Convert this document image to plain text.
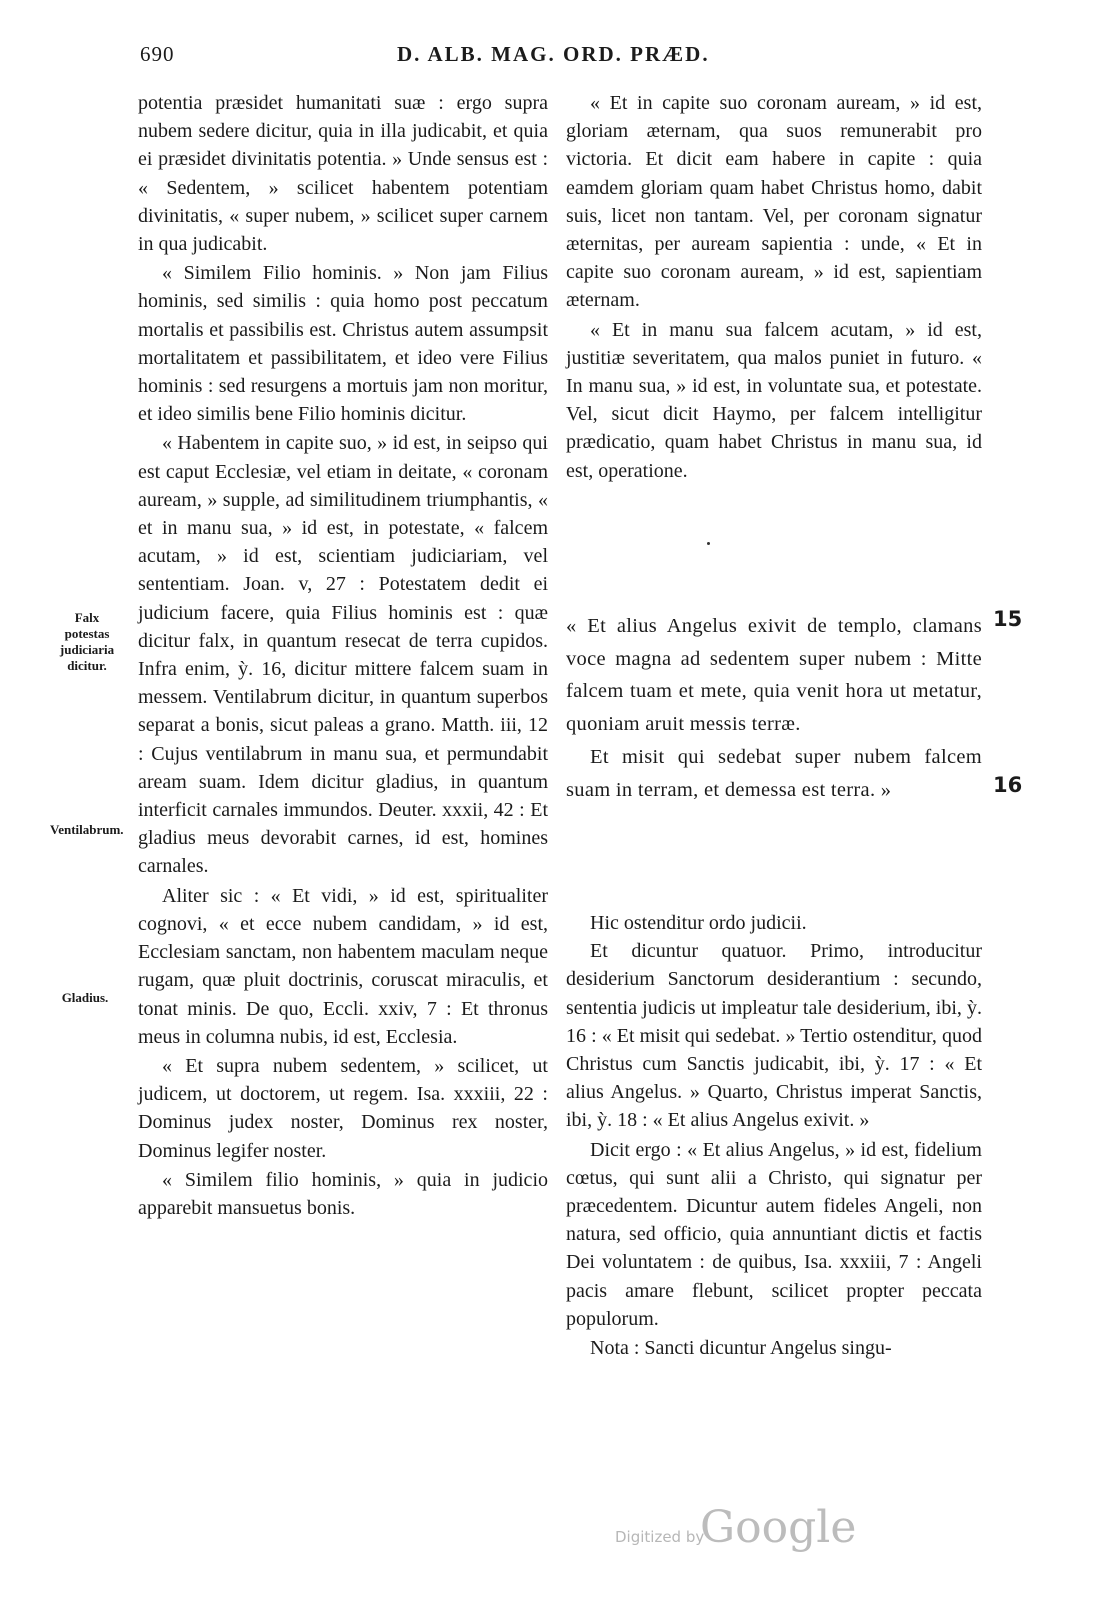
690	D. ALB. MAG. ORD. PRÆD.

potentia præsidet humanitati suæ : ergo supra nubem sedere dicitur, quia in illa judicabit, et quia ei præsidet divinitatis potentia. » Unde sensus est : « Sedentem, » scilicet habentem potentiam divinitatis, « super nubem, » scilicet super carnem in qua judicabit.

« Similem Filio hominis. » Non jam Filius hominis, sed similis : quia homo post peccatum mortalis et passibilis est. Christus autem assumpsit mortalitatem et passibilitatem, et ideo vere Filius hominis : sed resurgens a mortuis jam non moritur, et ideo similis bene Filio hominis dicitur.

« Habentem in capite suo, » id est, in seipso qui est caput Ecclesiæ, vel etiam in deitate, « coronam auream, » supple, ad similitudinem triumphantis, « et in manu sua, » id est, in potestate, « falcem acutam, » id est, scientiam judiciariam, vel sententiam. Joan. v, 27 : Potestatem dedit ei judicium facere, quia Filius hominis est : quæ dicitur falx, in quantum resecat de terra cupidos. Infra enim, ỳ. 16, dicitur mittere falcem suam in messem. Ventilabrum dicitur, in quantum superbos separat a bonis, sicut paleas a grano. Matth. iii, 12 : Cujus ventilabrum in manu sua, et permundabit aream suam. Idem dicitur gladius, in quantum interficit carnales immundos. Deuter. xxxii, 42 : Et gladius meus devorabit carnes, id est, homines carnales.

Aliter sic : « Et vidi, » id est, spiritualiter cognovi, « et ecce nubem candidam, » id est, Ecclesiam sanctam, non habentem maculam neque rugam, quæ pluit doctrinis, coruscat miraculis, et tonat minis. De quo, Eccli. xxiv, 7 : Et thronus meus in columna nubis, id est, Ecclesia.

« Et supra nubem sedentem, » scilicet, ut judicem, ut doctorem, ut regem. Isa. xxxiii, 22 : Dominus judex noster, Dominus rex noster, Dominus legifer noster.

« Similem filio hominis, » quia in judicio apparebit mansuetus bonis.

Falx potestas judiciaria dicitur.
Ventilabrum.
Gladius.

« Et in capite suo coronam auream, » id est, gloriam æternam, qua suos remunerabit pro victoria. Et dicit eam habere in capite : quia eamdem gloriam quam habet Christus homo, dabit suis, licet non tantam. Vel, per coronam signatur æternitas, per auream sapientia : unde, « Et in capite suo coronam auream, » id est, sapientiam æternam.

« Et in manu sua falcem acutam, » id est, justitiæ severitatem, qua malos puniet in futuro. « In manu sua, » id est, in voluntate sua, et potestate. Vel, sicut dicit Haymo, per falcem intelligitur prædicatio, quam habet Christus in manu sua, id est, operatione.

« Et alius Angelus exivit de templo, clamans voce magna ad sedentem super nubem : Mitte falcem tuam et mete, quia venit hora ut metatur, quoniam aruit messis terræ.

Et misit qui sedebat super nubem falcem suam in terram, et demessa est terra. »

15
16

Hic ostenditur ordo judicii.

Et dicuntur quatuor. Primo, introducitur desiderium Sanctorum desiderantium : secundo, sententia judicis ut impleatur tale desiderium, ibi, ỳ. 16 : « Et misit qui sedebat. » Tertio ostenditur, quod Christus cum Sanctis judicabit, ibi, ỳ. 17 : « Et alius Angelus. » Quarto, Christus imperat Sanctis, ibi, ỳ. 18 : « Et alius Angelus exivit. »

Dicit ergo : « Et alius Angelus, » id est, fidelium cœtus, qui sunt alii a Christo, qui signatur per præcedentem. Dicuntur autem fideles Angeli, non natura, sed officio, quia annuntiant dictis et factis Dei voluntatem : de quibus, Isa. xxxiii, 7 : Angeli pacis amare flebunt, scilicet propter peccata populorum.

Nota : Sancti dicuntur Angelus singu-

Digitized by
Google
